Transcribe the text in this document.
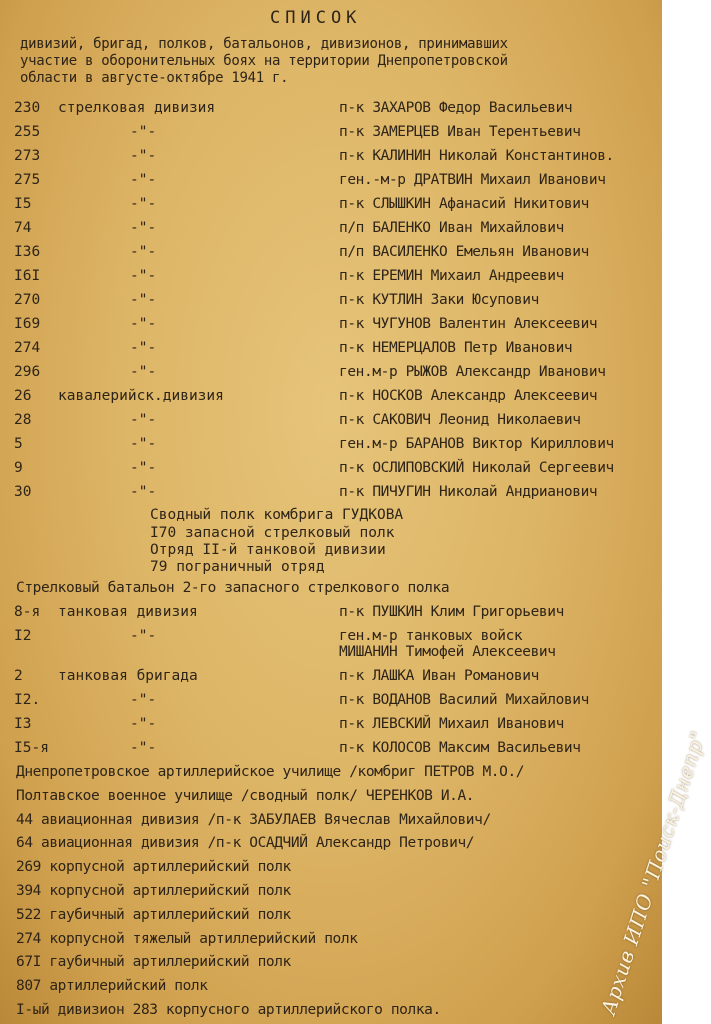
СПИСОК
дивизий, бригад, полков, батальонов, дивизионов, принимавших
участие в оборонительных боях на территории Днепропетровской
области в августе-октябре 1941 г.
230 стрелковая дивизия	п-к ЗАХАРОВ Федор Васильевич
255	-"-	п-к ЗАМЕРЦЕВ Иван Терентьевич
273	-"-	п-к КАЛИНИН Николай Константинов.
275	-"-	ген.-м-р ДРАТВИН Михаил Иванович
I5	-"-	п-к СЛЫШКИН Афанасий Никитович
74	-"-	п/п БАЛЕНКО Иван Михайлович
I36	-"-	п/п ВАСИЛЕНКО Емельян Иванович
I6I	-"-	п-к ЕРЕМИН Михаил Андреевич
270	-"-	п-к КУТЛИН Заки Юсупович
I69	-"-	п-к ЧУГУНОВ Валентин Алексеевич
274	-"-	п-к НЕМЕРЦАЛОВ Петр Иванович
296	-"-	ген.м-р РЫЖОВ Александр Иванович
26 кавалерийск.дивизия	п-к НОСКОВ Александр Алексеевич
28	-"-	п-к САКОВИЧ Леонид Николаевич
5	-"-	ген.м-р БАРАНОВ Виктор Кириллович
9	-"-	п-к ОСЛИПОВСКИЙ Николай Сергеевич
30	-"-	п-к ПИЧУГИН Николай Андрианович
Сводный полк комбрига ГУДКОВА
I70 запасной стрелковый полк
Отряд II-й танковой дивизии
79 пограничный отряд
Стрелковый батальон 2-го запасного стрелкового полка
8-я танковая дивизия	п-к ПУШКИН Клим Григорьевич
I2	-"-	ген.м-р танковых войск
МИШАНИН Тимофей Алексеевич
2 танковая бригада	п-к ЛАШКА Иван Романович
I2.	-"-	п-к ВОДАНОВ Василий Михайлович
I3	-"-	п-к ЛЕВСКИЙ Михаил Иванович
I5-я	-"-	п-к КОЛОСОВ Максим Васильевич
Днепропетровское артиллерийское училище /комбриг ПЕТРОВ М.О./
Полтавское военное училище /сводный полк/ ЧЕРЕНКОВ И.А.
44 авиационная дивизия /п-к ЗАБУЛАЕВ Вячеслав Михайлович/
64 авиационная дивизия /п-к ОСАДЧИЙ Александр Петрович/
269 корпусной артиллерийский полк
394 корпусной артиллерийский полк
522 гаубичный артиллерийский полк
274 корпусной тяжелый артиллерийский полк
67I гаубичный артиллерийский полк
807 артиллерийский полк
I-ый дивизион 283 корпусного артиллерийского полка.	Архив ИПО "Поиск-Днепр"
